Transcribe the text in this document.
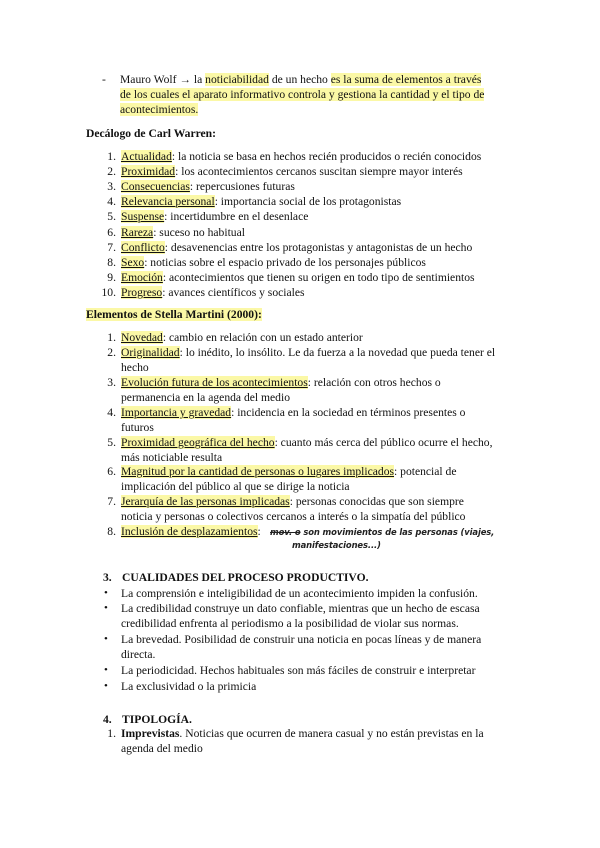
- Mauro Wolf → la noticiabilidad de un hecho es la suma de elementos a través
de los cuales el aparato informativo controla y gestiona la cantidad y el tipo de
acontecimientos.
Decálogo de Carl Warren:
1. Actualidad: la noticia se basa en hechos recién producidos o recién conocidos
2. Proximidad: los acontecimientos cercanos suscitan siempre mayor interés
3. Consecuencias: repercusiones futuras
4. Relevancia personal: importancia social de los protagonistas
5. Suspense: incertidumbre en el desenlace
6. Rareza: suceso no habitual
7. Conflicto: desavenencias entre los protagonistas y antagonistas de un hecho
8. Sexo: noticias sobre el espacio privado de los personajes públicos
9. Emoción: acontecimientos que tienen su origen en todo tipo de sentimientos
10. Progreso: avances científicos y sociales
Elementos de Stella Martini (2000):
1. Novedad: cambio en relación con un estado anterior
2. Originalidad: lo inédito, lo insólito. Le da fuerza a la novedad que pueda tener el
hecho
3. Evolución futura de los acontecimientos: relación con otros hechos o
permanencia en la agenda del medio
4. Importancia y gravedad: incidencia en la sociedad en términos presentes o
futuros
5. Proximidad geográfica del hecho: cuanto más cerca del público ocurre el hecho,
más noticiable resulta
6. Magnitud por la cantidad de personas o lugares implicados: potencial de
implicación del público al que se dirige la noticia
7. Jerarquía de las personas implicadas: personas conocidas que son siempre
noticia y personas o colectivos cercanos a interés o la simpatía del público
8. Inclusión de desplazamientos: mov. o son movimientos de las personas (viajes,
manifestaciones...)
3. CUALIDADES DEL PROCESO PRODUCTIVO.
• La comprensión e inteligibilidad de un acontecimiento impiden la confusión.
• La credibilidad construye un dato confiable, mientras que un hecho de escasa
credibilidad enfrenta al periodismo a la posibilidad de violar sus normas.
• La brevedad. Posibilidad de construir una noticia en pocas líneas y de manera
directa.
• La periodicidad. Hechos habituales son más fáciles de construir e interpretar
• La exclusividad o la primicia
4. TIPOLOGÍA.
1. Imprevistas. Noticias que ocurren de manera casual y no están previstas en la
agenda del medio
